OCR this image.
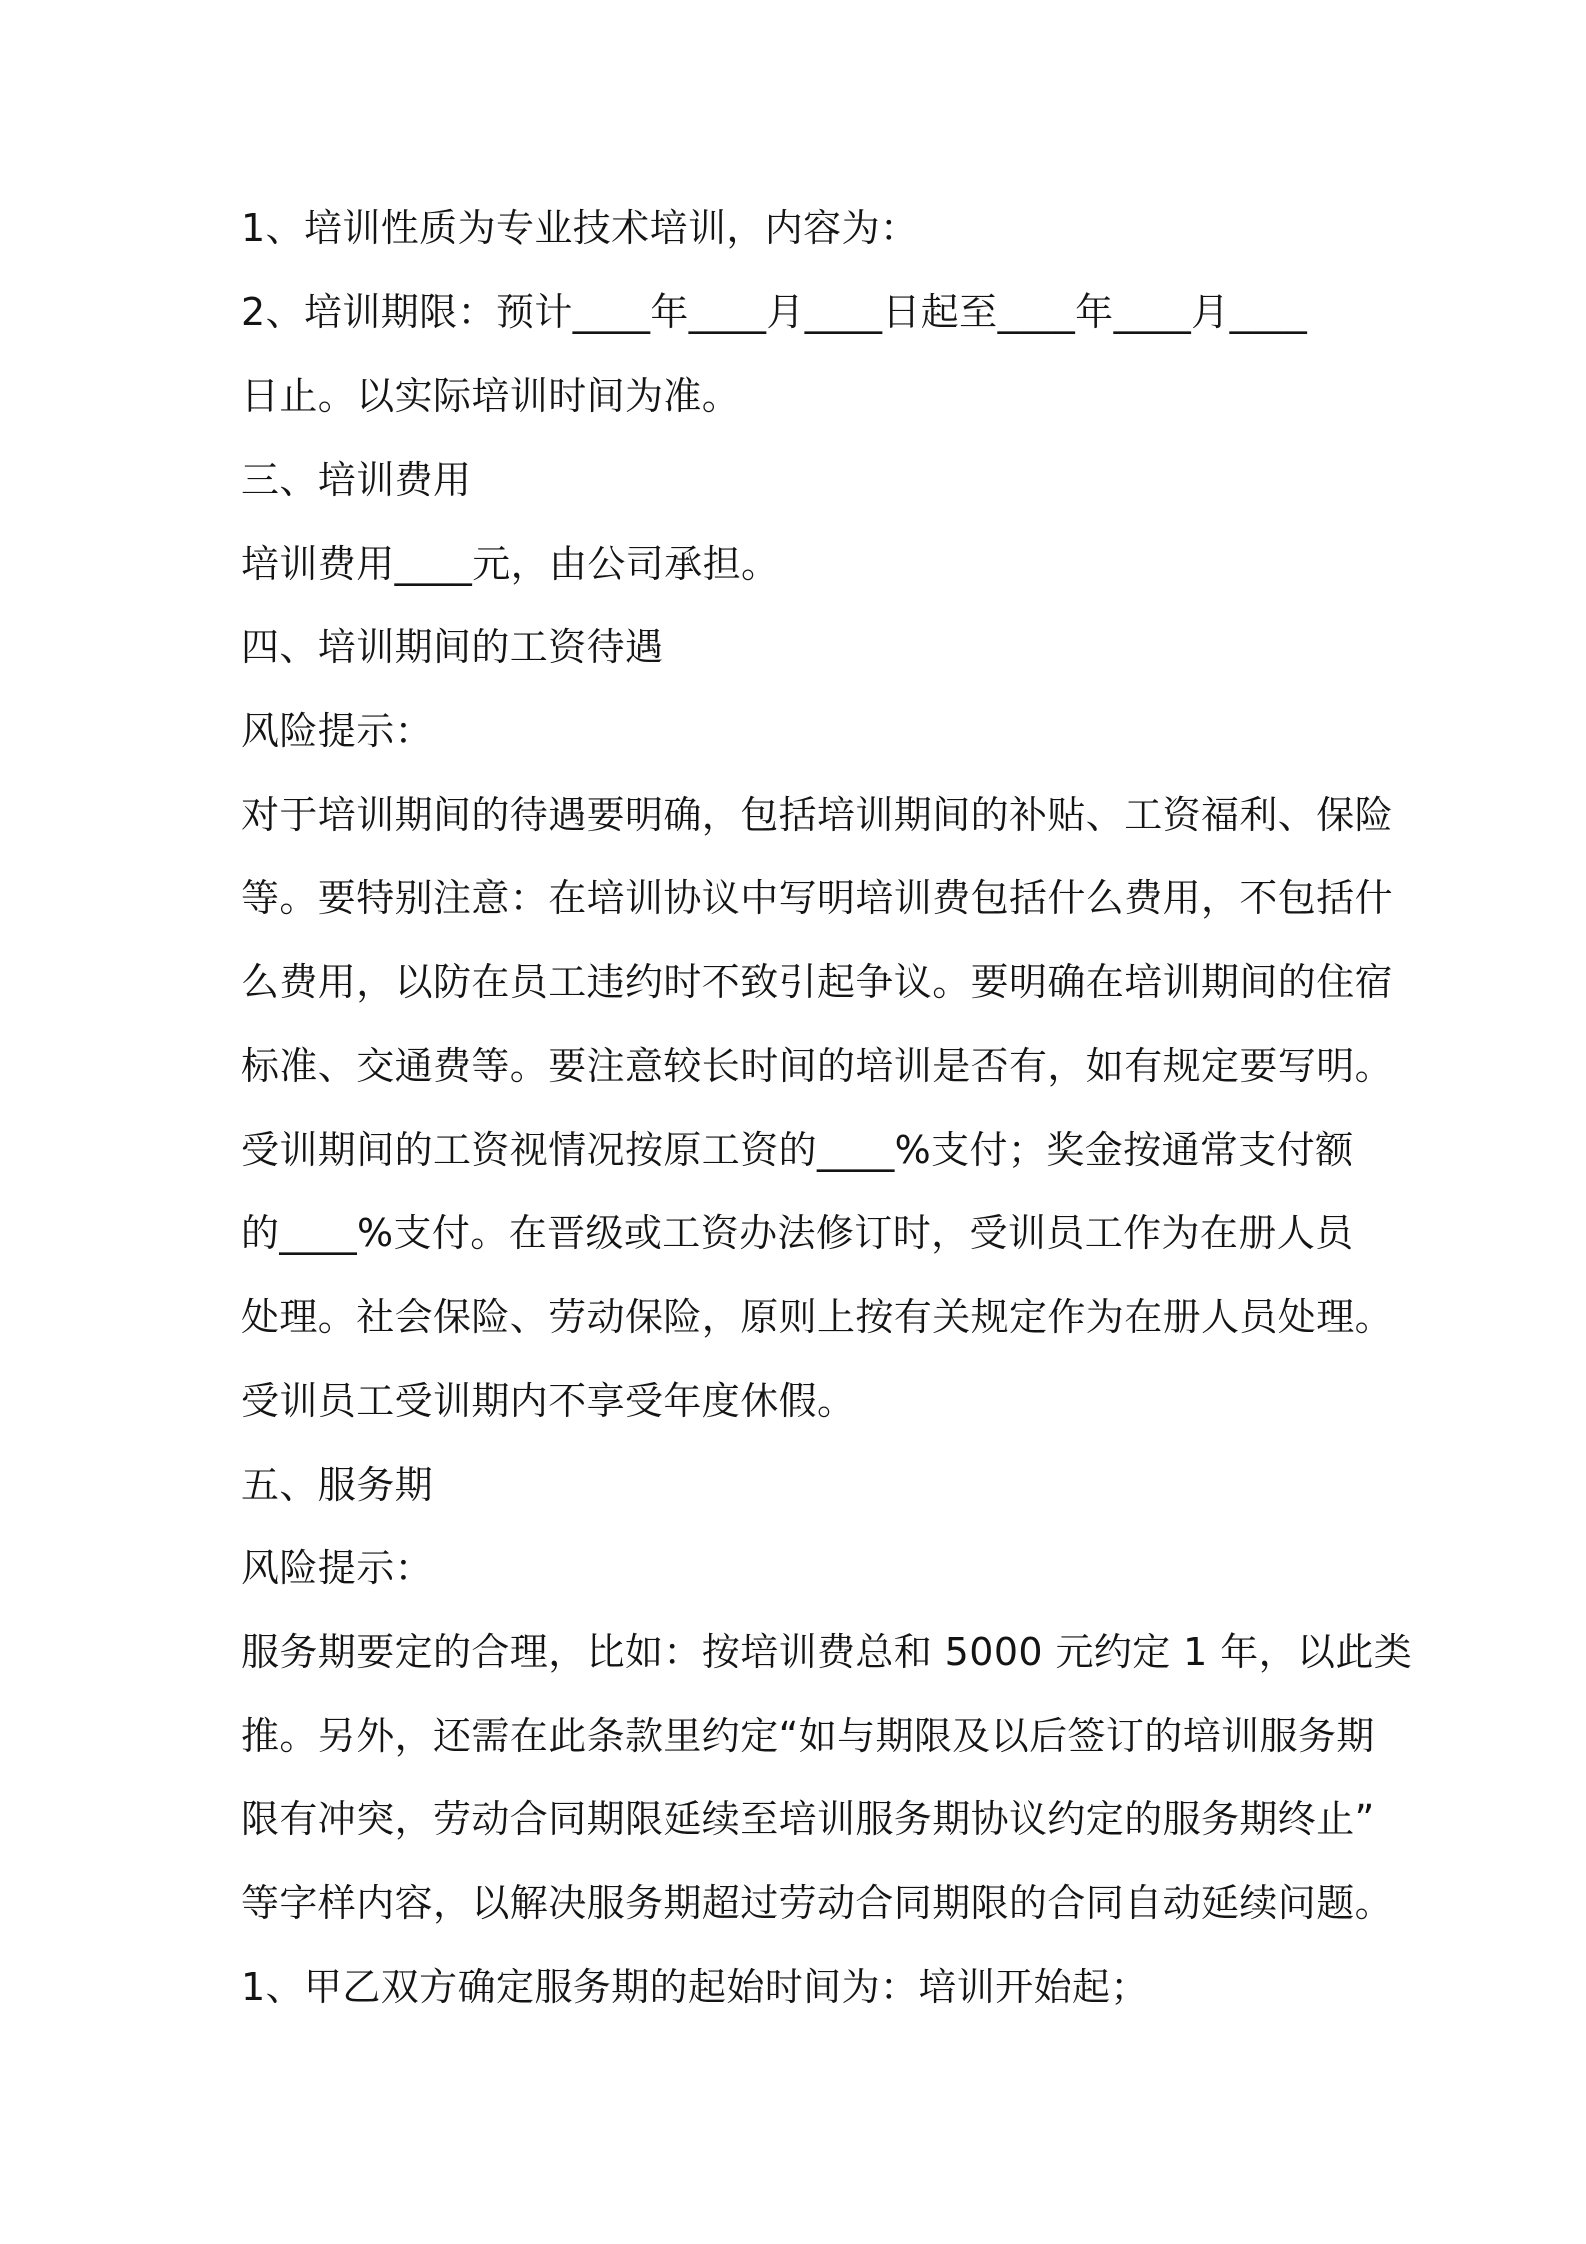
1、培训性质为专业技术培训，内容为：
2、培训期限：预计____年____月____日起至____年____月____
日止。以实际培训时间为准。
三、培训费用
培训费用____元，由公司承担。
四、培训期间的工资待遇
风险提示：
对于培训期间的待遇要明确，包括培训期间的补贴、工资福利、保险
等。要特别注意：在培训协议中写明培训费包括什么费用，不包括什
么费用，以防在员工违约时不致引起争议。要明确在培训期间的住宿
标准、交通费等。要注意较长时间的培训是否有，如有规定要写明。
受训期间的工资视情况按原工资的____%支付；奖金按通常支付额
的____%支付。在晋级或工资办法修订时，受训员工作为在册人员
处理。社会保险、劳动保险，原则上按有关规定作为在册人员处理。
受训员工受训期内不享受年度休假。
五、服务期
风险提示：
服务期要定的合理，比如：按培训费总和 5000 元约定 1 年，以此类
推。另外，还需在此条款里约定“如与期限及以后签订的培训服务期
限有冲突，劳动合同期限延续至培训服务期协议约定的服务期终止”
等字样内容，以解决服务期超过劳动合同期限的合同自动延续问题。
1、甲乙双方确定服务期的起始时间为：培训开始起；
